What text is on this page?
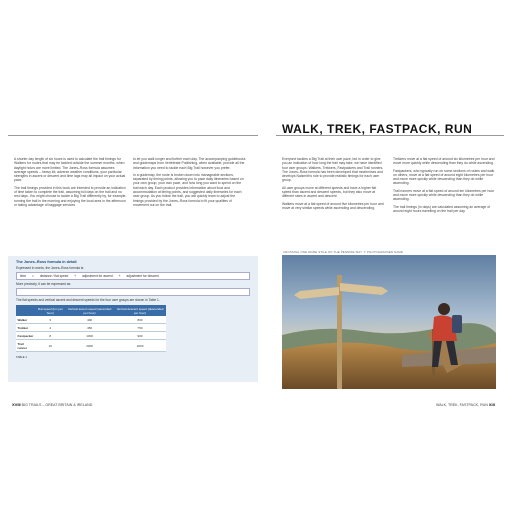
WALK, TREK, FASTPACK, RUN

A shorter day length of six hours is used to calculate the trail timings for Walkers for routes that may be tackled outside the summer months, when daylight hours are more limited. The Jones–Ross formula assumes average speeds – heavy kit, adverse weather conditions, your particular strengths in ascent or descent and time lags may all impact on your actual pace.

The trail timings provided in this book are intended to provide an indication of time taken to complete the trail, assuming full days on the trail and no rest days. You might choose to tackle a Big Trail differently by, for example, running the trail in the morning and enjoying the local area in the afternoon or taking advantage of baggage services

to let you walk longer and further each day. The accompanying guidebooks and guidemaps from Vertebrate Publishing, when available, provide all the information you need to tackle each Big Trail however you prefer.

In a guidemap, the route is broken down into manageable sections, separated by timing points, allowing you to pace daily itineraries based on your own group, your own pace, and how long you want to spend on the trail each day. Each product provides information about food and accommodation at timing points, and suggested daily itineraries for each user group. As you follow the trail, you will quickly learn to adjust the timings provided by the Jones–Ross formula to fit your qualities of movement out on the trail.

The Jones–Ross formula in detail
Expressed in words, the Jones–Ross formula is:
time = distance / flat speed + adjustment for ascent + adjustment for descent
More precisely, it can be expressed as:
The flat speeds and vertical ascent and descent speeds for the four user groups are shown in Table 1.
	Flat speed (km per hour)	Vertical ascent speed (ascended per hour)	Vertical descent speed (descended per hour)
Walker	3	400	800
Trekker	4	450	750
Fastpacker	8	1300	900
Trail runner	10	2000	2000
TABLE 1

Everyone tackles a Big Trail at their own pace, but in order to give you an indication of how long the trail may take, we have identified four user groups: Walkers, Trekkers, Fastpackers and Trail runners. The Jones–Ross formula has been developed that modernises and develops Naismith's rule to provide realistic timings for each user group.

All user groups move at different speeds and have a higher flat speed than ascent and descent speeds, but they also move at different rates in ascent and descent.

Walkers move at a flat speed of around five kilometres per hour and move at very similar speeds while ascending and descending.

Trekkers move at a flat speed of around six kilometres per hour and move more quickly while descending than they do while ascending.

Fastpackers, who typically run on some sections of routes and walk on others, move at a flat speed of around eight kilometres per hour and move more quickly while descending than they do while ascending.

Trail runners move at a flat speed of around ten kilometres per hour and move more quickly while descending than they do while ascending.

The trail timings (in days) are calculated assuming an average of around eight hours travelling on the trail per day.

CROSSING ONE MORE STILE ON THE PENNINE WAY. © PHOTOGRAPHER NAME
XVIII BIG TRAILS – GREAT BRITAIN & IRELAND	WALK, TREK, FASTPACK, RUN XIX
